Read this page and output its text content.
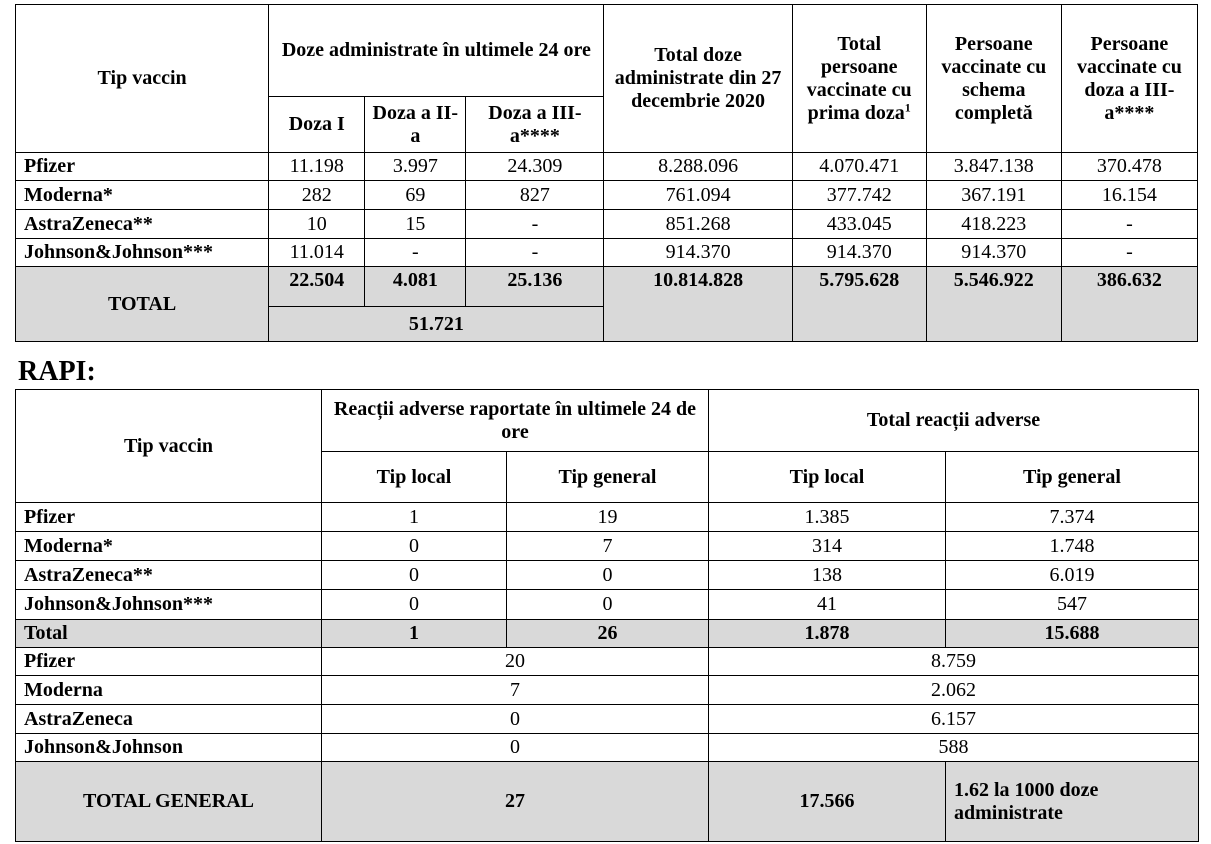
Tip vaccin	Doze administrate în ultimele 24 ore			Total doze administrate din 27 decembrie 2020	Total persoane vaccinate cu prima doza$^1$	Persoane vaccinate cu schema completă	Persoane vaccinate cu doza a III-a****
	Doza I	Doza a II-a	Doza a III-a****				
Pfizer	11.198	3.997	24.309	8.288.096	4.070.471	3.847.138	370.478
Moderna*	282	69	827	761.094	377.742	367.191	16.154
AstraZeneca**	10	15	-	851.268	433.045	418.223	-
Johnson&Johnson***	11.014	-	-	914.370	914.370	914.370	-
TOTAL	22.504	4.081	25.136	10.814.828	5.795.628	5.546.922	386.632
	51.721						
RAPI:
Tip vaccin	Reacții adverse raportate în ultimele 24 de ore		Total reacții adverse	
	Tip local	Tip general	Tip local	Tip general
Pfizer	1	19	1.385	7.374
Moderna*	0	7	314	1.748
AstraZeneca**	0	0	138	6.019
Johnson&Johnson***	0	0	41	547
Total	1	26	1.878	15.688
Pfizer	20		8.759	
Moderna	7		2.062	
AstraZeneca	0		6.157	
Johnson&Johnson	0		588	
TOTAL GENERAL	27		17.566	1.62 la 1000 doze administrate
